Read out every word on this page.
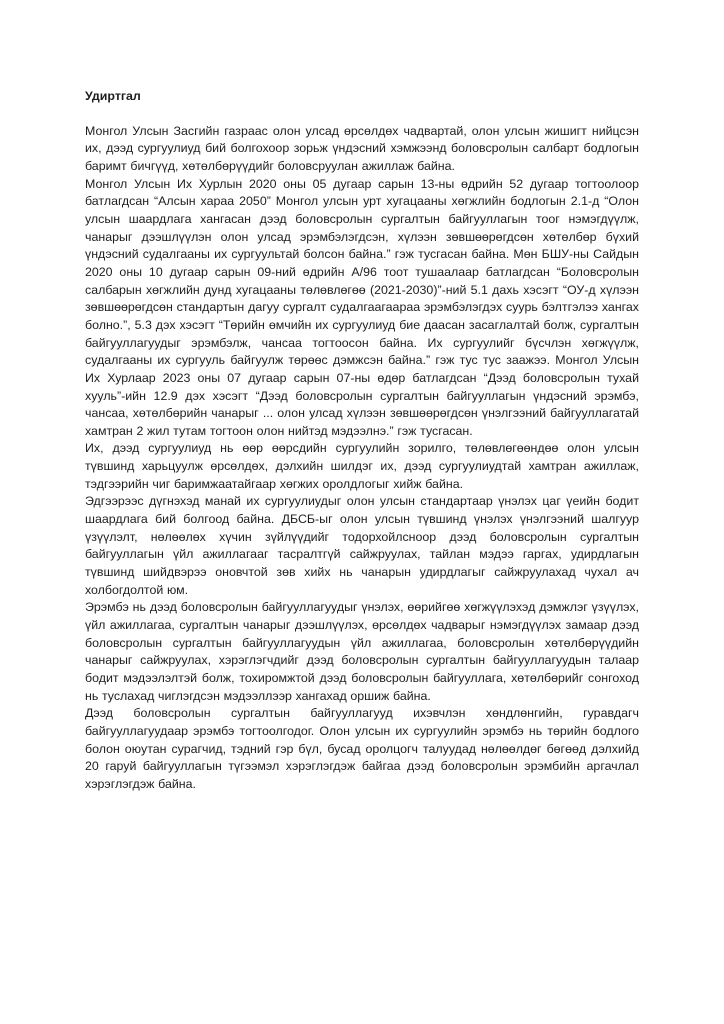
Удиртгал

Монгол Улсын Засгийн газраас олон улсад өрсөлдөх чадвартай, олон улсын жишигт нийцсэн их, дээд сургуулиуд бий болгохоор зорьж үндэсний хэмжээнд боловсролын салбарт бодлогын баримт бичгүүд, хөтөлбөрүүдийг боловсруулан ажиллаж байна.

Монгол Улсын Их Хурлын 2020 оны 05 дугаар сарын 13-ны өдрийн 52 дугаар тогтоолоор батлагдсан “Алсын хараа 2050” Монгол улсын урт хугацааны хөгжлийн бодлогын 2.1-д “Олон улсын шаардлага хангасан дээд боловсролын сургалтын байгууллагын тоог нэмэгдүүлж, чанарыг дээшлүүлэн олон улсад эрэмбэлэгдсэн, хүлээн зөвшөөрөгдсөн хөтөлбөр бүхий үндэсний судалгааны их сургуультай болсон байна.” гэж тусгасан байна. Мөн БШУ-ны Сайдын 2020 оны 10 дугаар сарын 09-ний өдрийн А/96 тоот тушаалаар батлагдсан “Боловсролын салбарын хөгжлийн дунд хугацааны төлөвлөгөө (2021-2030)”-ний 5.1 дахь хэсэгт “ОУ-д хүлээн зөвшөөрөгдсөн стандартын дагуу сургалт судалгаагаараа эрэмбэлэгдэх суурь бэлтгэлээ хангах болно.”, 5.3 дэх хэсэгт “Төрийн өмчийн их сургуулиуд бие даасан засаглалтай болж, сургалтын байгууллагуудыг эрэмбэлж, чансаа тогтоосон байна. Их сургуулийг бүсчлэн хөгжүүлж, судалгааны их сургууль байгуулж төрөөс дэмжсэн байна.” гэж тус тус заажээ. Монгол Улсын Их Хурлаар 2023 оны 07 дугаар сарын 07-ны өдөр батлагдсан “Дээд боловсролын тухай хууль”-ийн 12.9 дэх хэсэгт “Дээд боловсролын сургалтын байгууллагын үндэсний эрэмбэ, чансаа, хөтөлбөрийн чанарыг ... олон улсад хүлээн зөвшөөрөгдсөн үнэлгээний байгууллагатай хамтран 2 жил тутам тогтоон олон нийтэд мэдээлнэ.” гэж тусгасан.

Их, дээд сургуулиуд нь өөр өөрсдийн сургуулийн зорилго, төлөвлөгөөндөө олон улсын түвшинд харьцуулж өрсөлдөх, дэлхийн шилдэг их, дээд сургуулиудтай хамтран ажиллаж, тэдгээрийн чиг баримжаатайгаар хөгжих оролдлогыг хийж байна.

Эдгээрээс дүгнэхэд манай их сургуулиудыг олон улсын стандартаар үнэлэх цаг үеийн бодит шаардлага бий болгоод байна. ДБСБ-ыг олон улсын түвшинд үнэлэх үнэлгээний шалгуур үзүүлэлт, нөлөөлөх хүчин зүйлүүдийг тодорхойлсноор дээд боловсролын сургалтын байгууллагын үйл ажиллагааг тасралтгүй сайжруулах, тайлан мэдээ гаргах, удирдлагын түвшинд шийдвэрээ оновчтой зөв хийх нь чанарын удирдлагыг сайжруулахад чухал ач холбогдолтой юм.

Эрэмбэ нь дээд боловсролын байгууллагуудыг үнэлэх, өөрийгөө хөгжүүлэхэд дэмжлэг үзүүлэх, үйл ажиллагаа, сургалтын чанарыг дээшлүүлэх, өрсөлдөх чадварыг нэмэгдүүлэх замаар дээд боловсролын сургалтын байгууллагуудын үйл ажиллагаа, боловсролын хөтөлбөрүүдийн чанарыг сайжруулах, хэрэглэгчдийг дээд боловсролын сургалтын байгууллагуудын талаар бодит мэдээлэлтэй болж, тохиромжтой дээд боловсролын байгууллага, хөтөлбөрийг сонгоход нь туслахад чиглэгдсэн мэдээллээр хангахад оршиж байна.

Дээд боловсролын сургалтын байгууллагууд ихэвчлэн хөндлөнгийн, гуравдагч байгууллагуудаар эрэмбэ тогтоолгодог. Олон улсын их сургуулийн эрэмбэ нь төрийн бодлого болон оюутан сурагчид, тэдний гэр бүл, бусад оролцогч талуудад нөлөөлдөг бөгөөд дэлхийд 20 гаруй байгууллагын түгээмэл хэрэглэгдэж байгаа дээд боловсролын эрэмбийн аргачлал хэрэглэгдэж байна.
